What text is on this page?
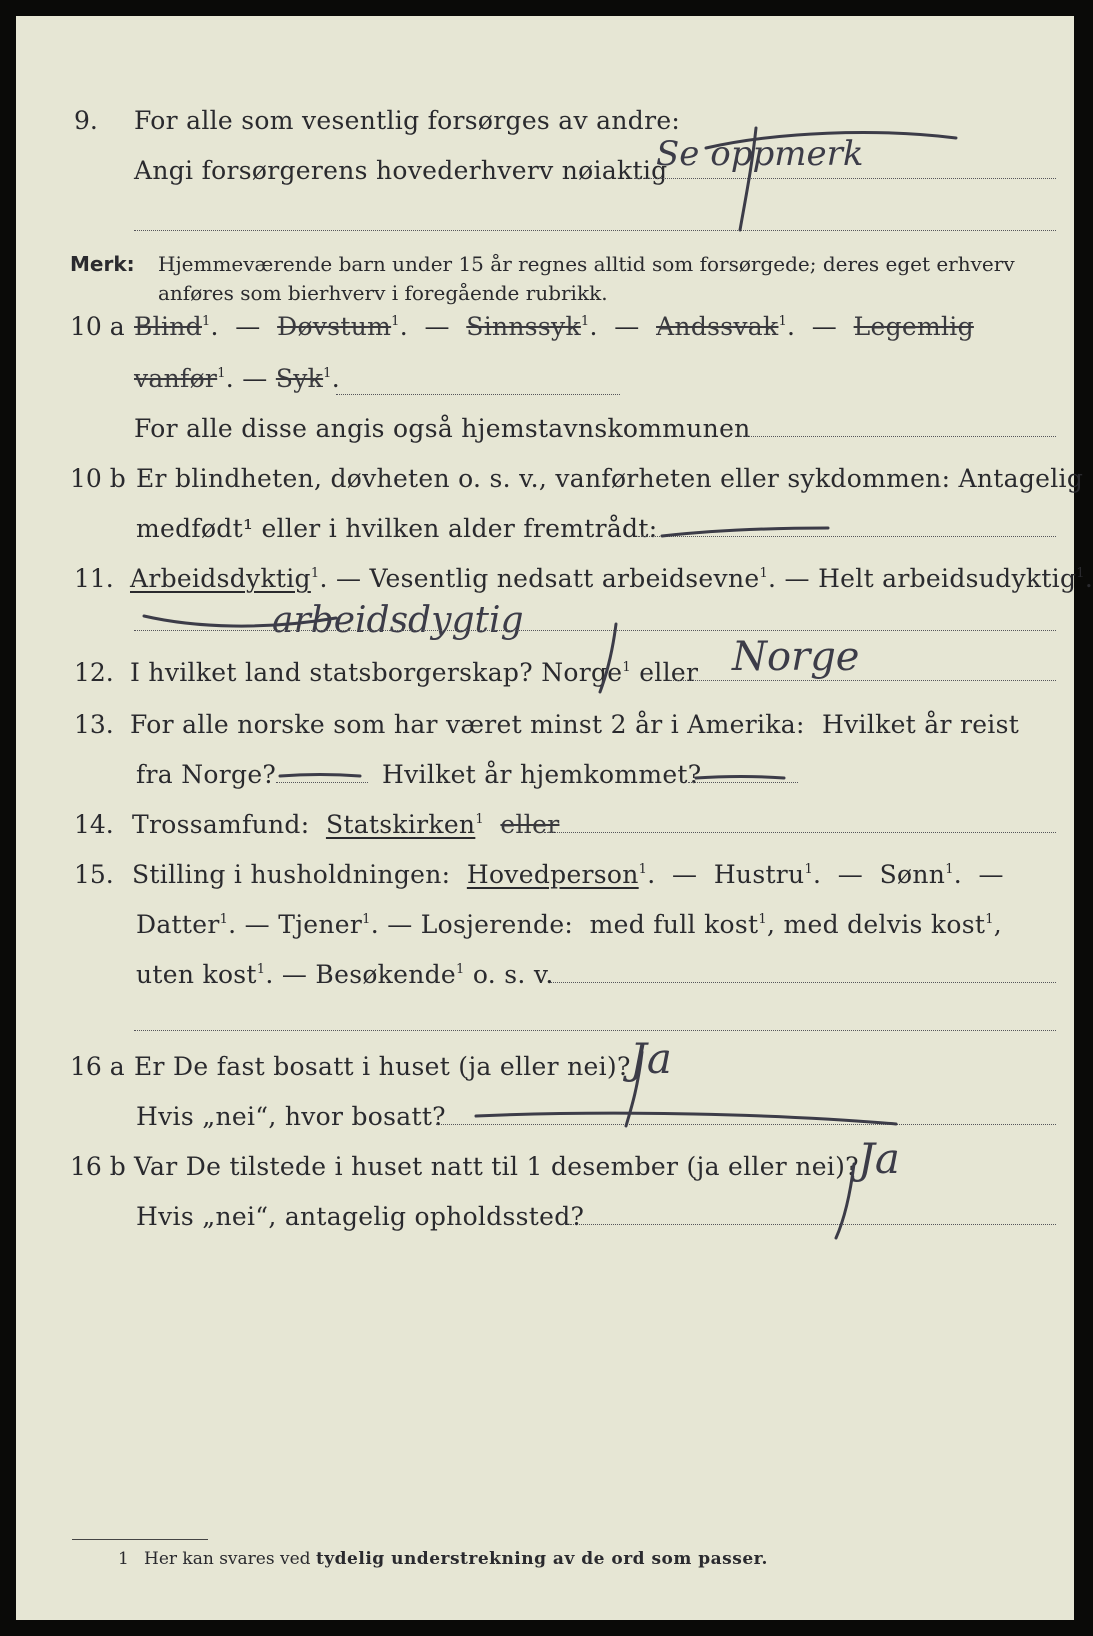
9. For alle som vesentlig forsørges av andre:
Angi forsørgerens hovederhverv nøiaktig
Se oppmerk
Merk: Hjemmeværende barn under 15 år regnes alltid som forsørgede; deres eget erhverv
anføres som bierhverv i foregående rubrikk.
10 a Blind$^1$.  — Døvstum$^1$.  — Sinnssyk$^1$.  — Andssvak$^1$.  — Legemlig
vanfør$^1$. — Syk$^1$.
For alle disse angis også hjemstavnskommunen
10 b Er blindheten, døvheten o. s. v., vanførheten eller sykdommen: Antagelig
medfødt¹ eller i hvilken alder fremtrådt:
11. Arbeidsdyktig$^1$. — Vesentlig nedsatt arbeidsevne$^1$. — Helt arbeidsudyktig$^1$.
arbeidsdygtig
12. I hvilket land statsborgerskap? Norge$^1$ eller Norge
13. For alle norske som har været minst 2 år i Amerika: Hvilket år reist
fra Norge?	Hvilket år hjemkommet?
14. Trossamfund: Statskirken$^1$ eller
15. Stilling i husholdningen: Hovedperson$^1$.  — Hustru$^1$.  — Sønn$^1$.  —
Datter$^1$. — Tjener$^1$. — Losjerende: med full kost$^1$, med delvis kost$^1$,
uten kost$^1$. — Besøkende$^1$ o. s. v.
16 a Er De fast bosatt i huset (ja eller nei)? Ja
Hvis „nei“, hvor bosatt?
16 b Var De tilstede i huset natt til 1 desember (ja eller nei)? Ja
Hvis „nei“, antagelig opholdssted?
1 Her kan svares ved tydelig understrekning av de ord som passer.
